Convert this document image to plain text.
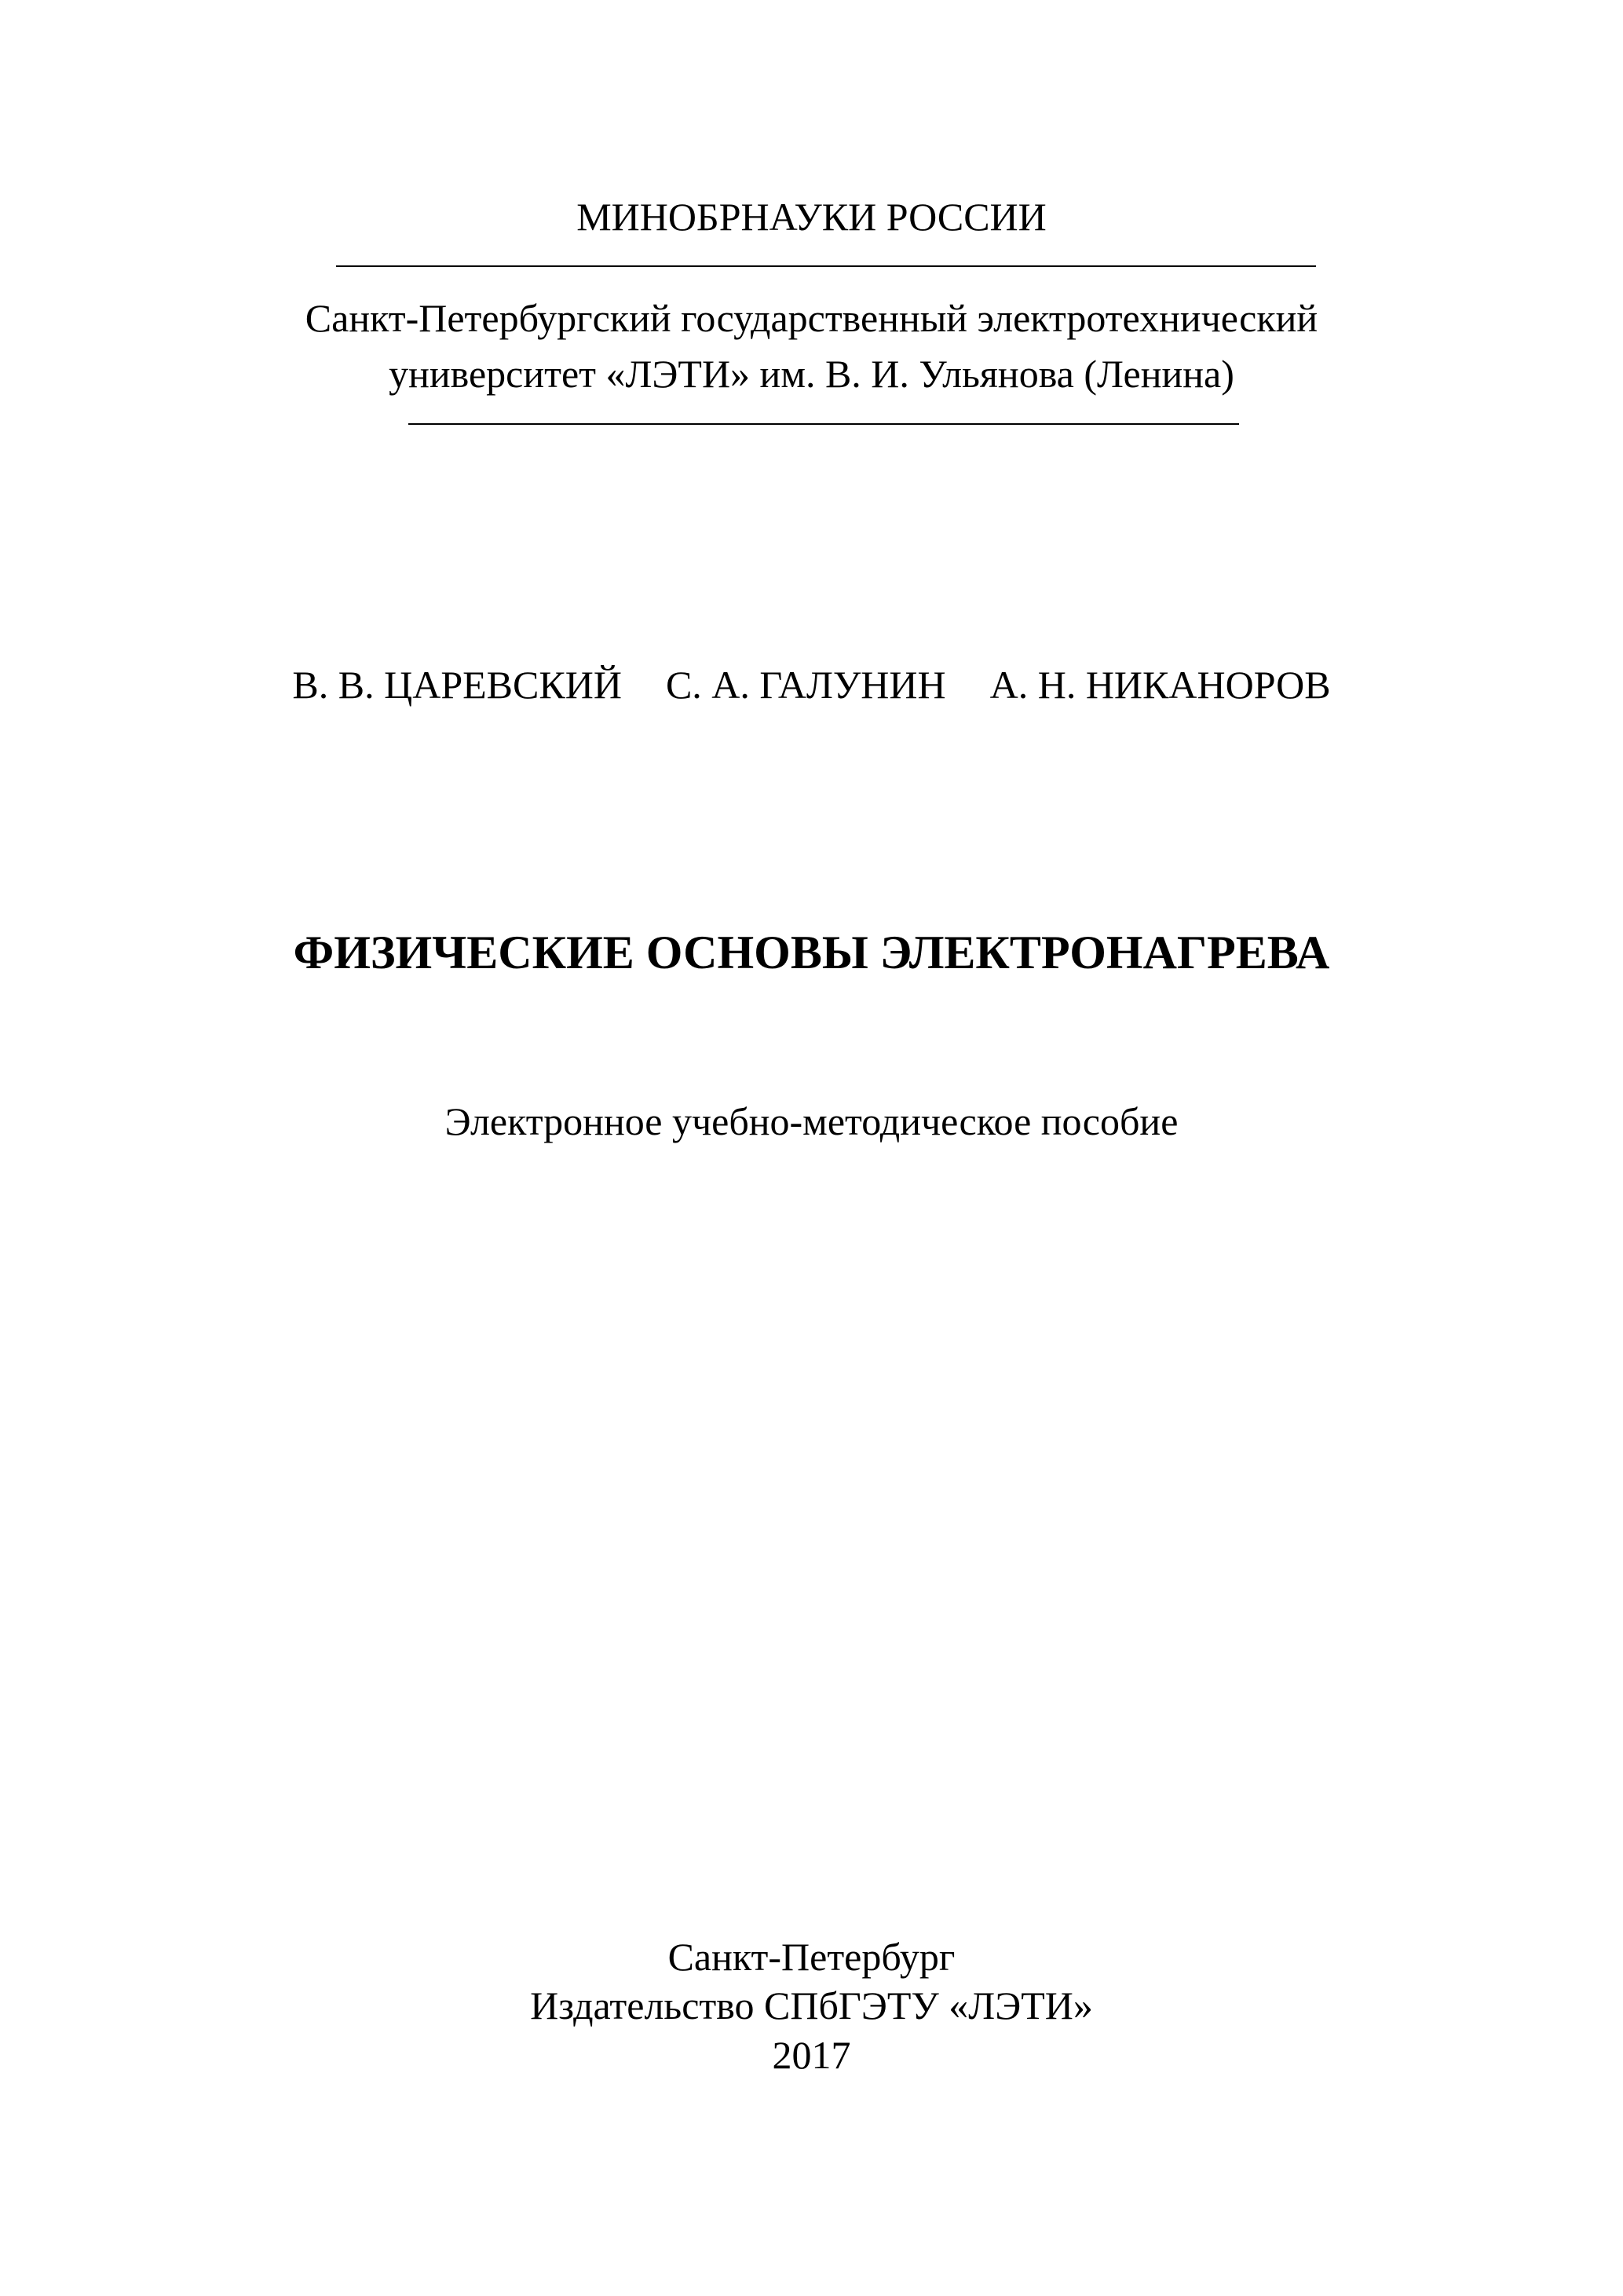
МИНОБРНАУКИ РОССИИ
Санкт-Петербургский государственный электротехнический
университет «ЛЭТИ» им. В. И. Ульянова (Ленина)
В. В. ЦАРЕВСКИЙ С. А. ГАЛУНИН А. Н. НИКАНОРОВ
ФИЗИЧЕСКИЕ ОСНОВЫ ЭЛЕКТРОНАГРЕВА
Электронное учебно-методическое пособие
Санкт-Петербург
Издательство СПбГЭТУ «ЛЭТИ»
2017
